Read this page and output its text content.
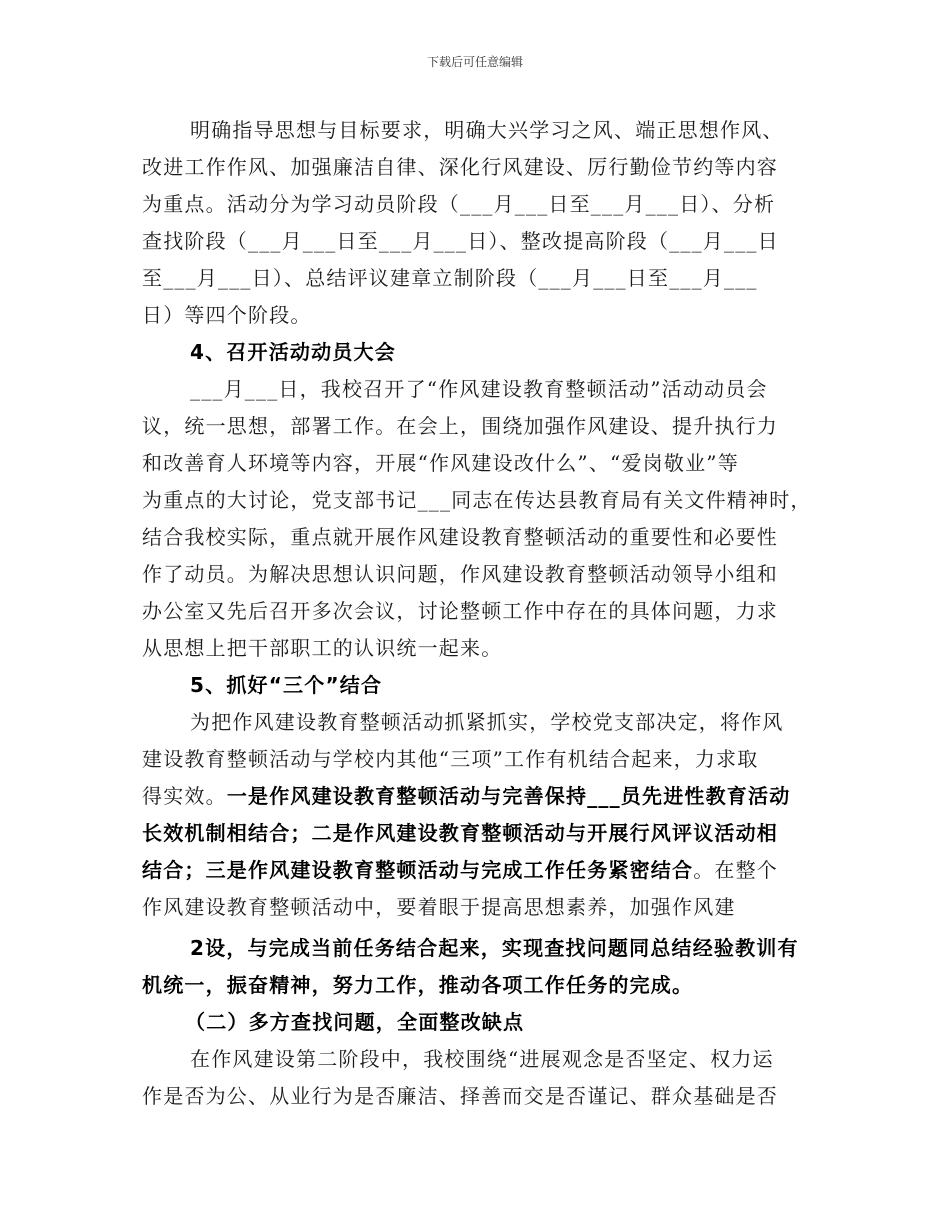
下载后可任意编辑
明确指导思想与目标要求，明确大兴学习之风、端正思想作风、
改进工作作风、加强廉洁自律、深化行风建设、厉行勤俭节约等内容
为重点。活动分为学习动员阶段（___月___日至___月___日）、分析
查找阶段（___月___日至___月___日）、整改提高阶段（___月___日
至___月___日）、总结评议建章立制阶段（___月___日至___月___
日）等四个阶段。
4、召开活动动员大会
___月___日，我校召开了“作风建设教育整顿活动”活动动员会
议，统一思想，部署工作。在会上，围绕加强作风建设、提升执行力
和改善育人环境等内容，开展“作风建设改什么”、“爱岗敬业”等
为重点的大讨论，党支部书记___同志在传达县教育局有关文件精神时，
结合我校实际，重点就开展作风建设教育整顿活动的重要性和必要性
作了动员。为解决思想认识问题，作风建设教育整顿活动领导小组和
办公室又先后召开多次会议，讨论整顿工作中存在的具体问题，力求
从思想上把干部职工的认识统一起来。
5、抓好“三个”结合
为把作风建设教育整顿活动抓紧抓实，学校党支部决定，将作风
建设教育整顿活动与学校内其他“三项”工作有机结合起来，力求取
得实效。一是作风建设教育整顿活动与完善保持___员先进性教育活动
长效机制相结合；二是作风建设教育整顿活动与开展行风评议活动相
结合；三是作风建设教育整顿活动与完成工作任务紧密结合。在整个
作风建设教育整顿活动中，要着眼于提高思想素养，加强作风建
2设，与完成当前任务结合起来，实现查找问题同总结经验教训有
机统一，振奋精神，努力工作，推动各项工作任务的完成。
（二）多方查找问题，全面整改缺点
在作风建设第二阶段中，我校围绕“进展观念是否坚定、权力运
作是否为公、从业行为是否廉洁、择善而交是否谨记、群众基础是否
